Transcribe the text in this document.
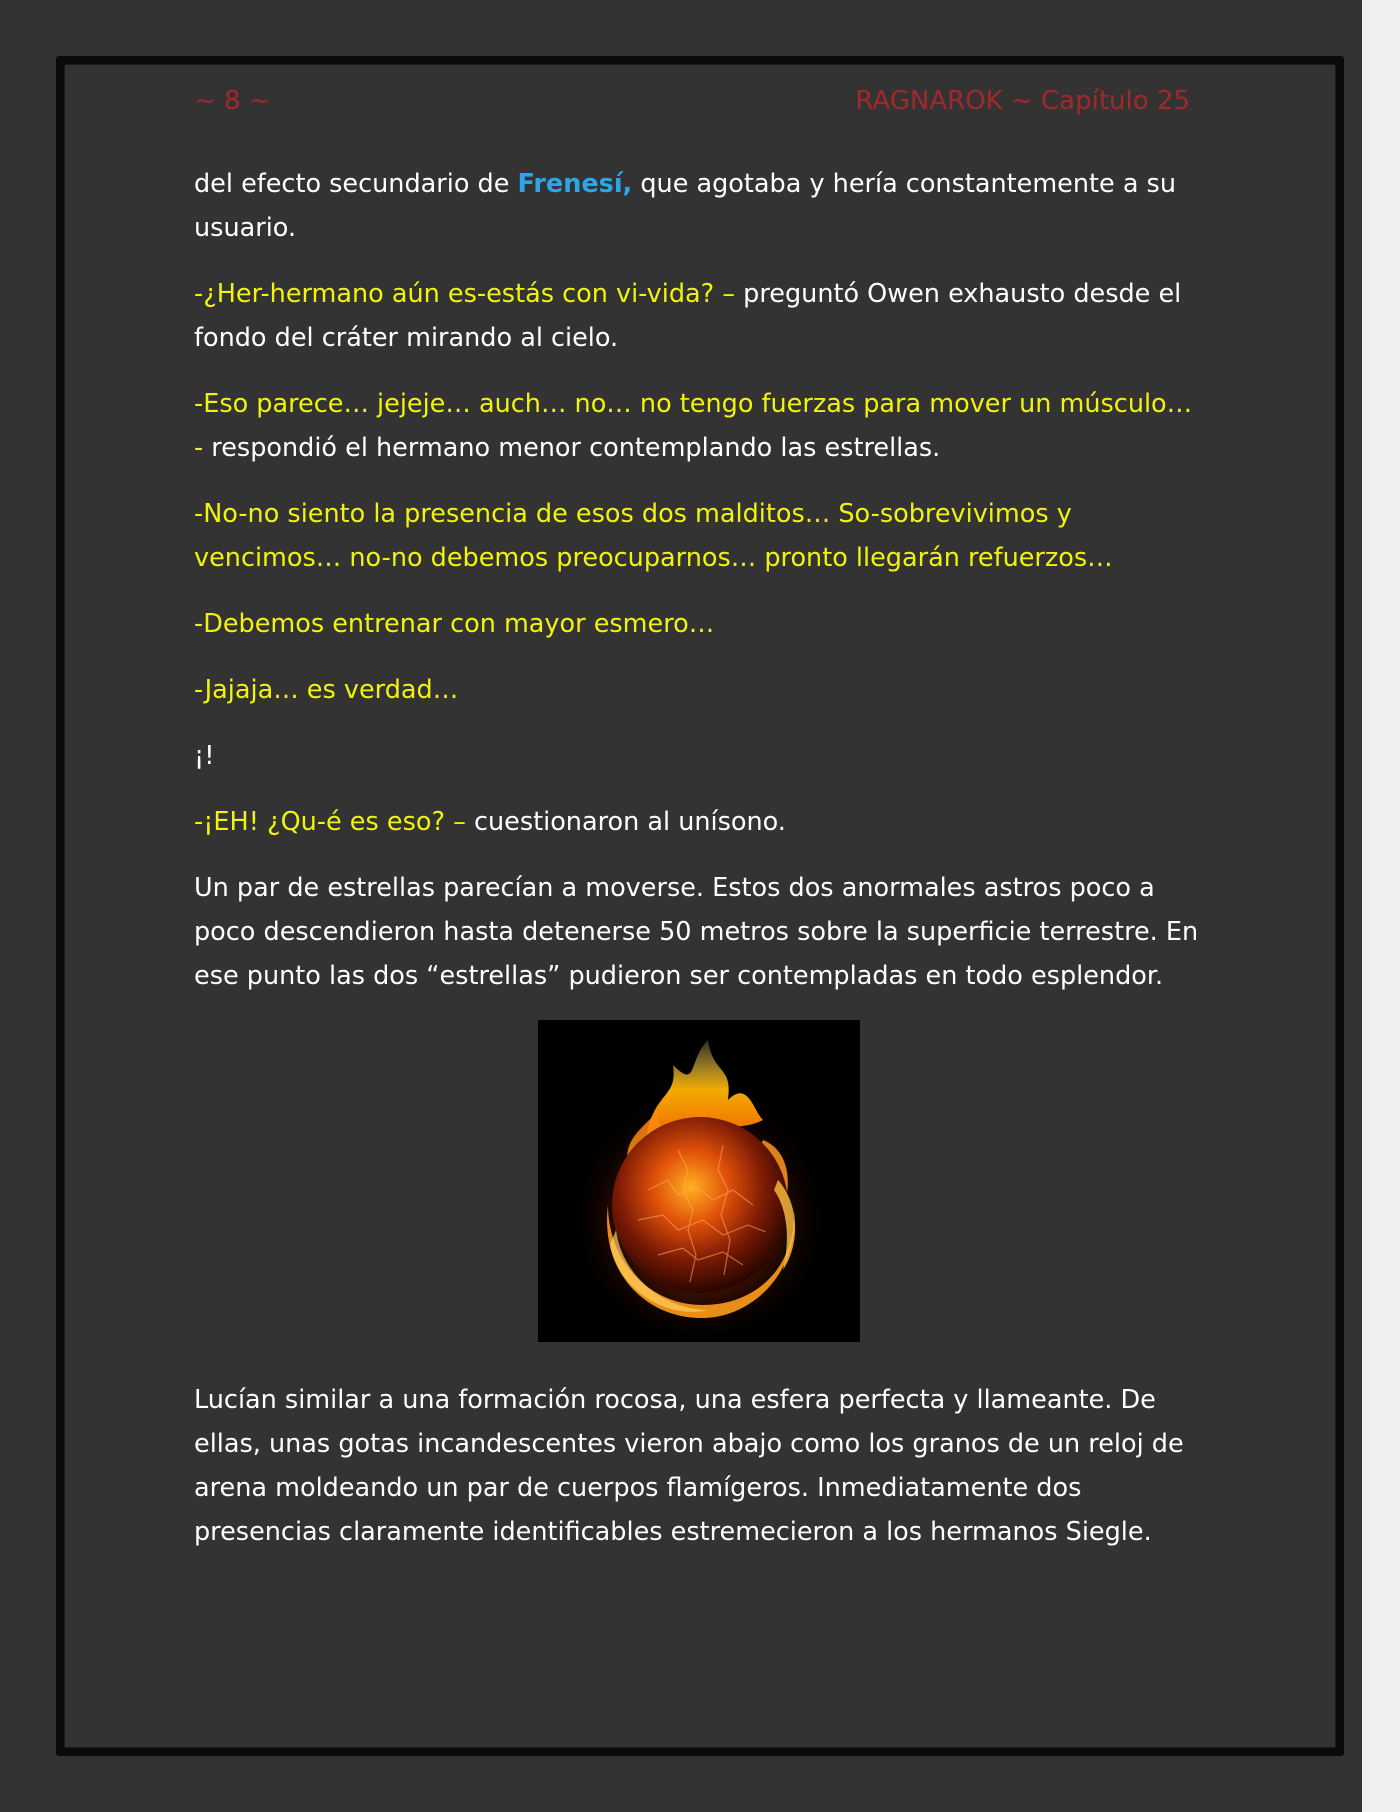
~ 8 ~	RAGNAROK ~ Capítulo 25

del efecto secundario de Frenesí, que agotaba y hería constantemente a su usuario.

-¿Her-hermano aún es-estás con vi-vida? – preguntó Owen exhausto desde el fondo del cráter mirando al cielo.

-Eso parece… jejeje… auch… no… no tengo fuerzas para mover un músculo… - respondió el hermano menor contemplando las estrellas.

-No-no siento la presencia de esos dos malditos… So-sobrevivimos y vencimos… no-no debemos preocuparnos… pronto llegarán refuerzos…

-Debemos entrenar con mayor esmero…

-Jajaja… es verdad…

¡!

-¡EH! ¿Qu-é es eso? – cuestionaron al unísono.

Un par de estrellas parecían a moverse. Estos dos anormales astros poco a poco descendieron hasta detenerse 50 metros sobre la superficie terrestre. En ese punto las dos “estrellas” pudieron ser contempladas en todo esplendor.

Lucían similar a una formación rocosa, una esfera perfecta y llameante. De ellas, unas gotas incandescentes vieron abajo como los granos de un reloj de arena moldeando un par de cuerpos flamígeros. Inmediatamente dos presencias claramente identificables estremecieron a los hermanos Siegle.
